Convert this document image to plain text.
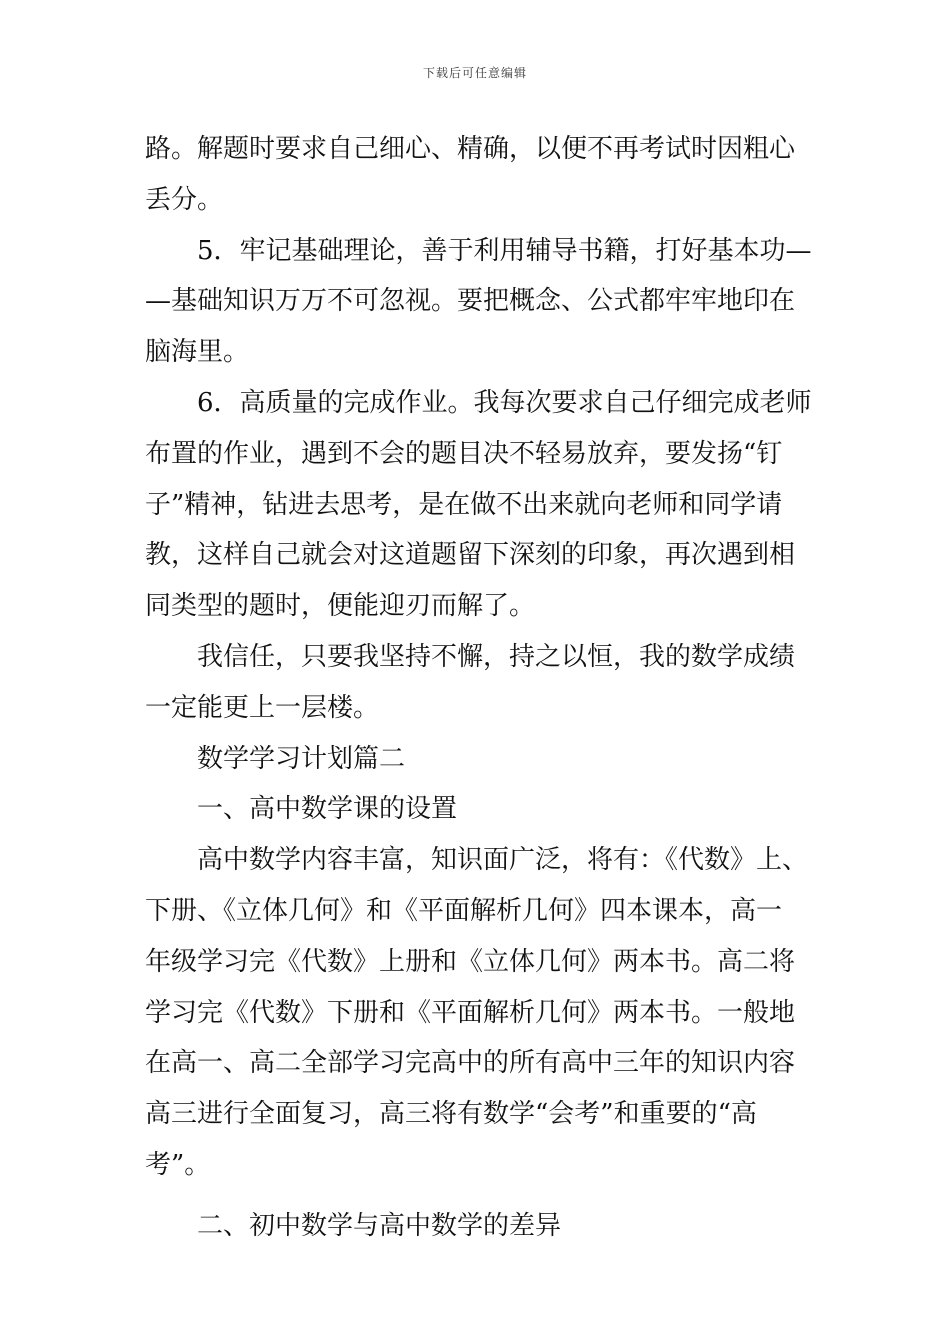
下载后可任意编辑

路。解题时要求自己细心、精确，以便不再考试时因粗心

丢分。

　　5．牢记基础理论，善于利用辅导书籍，打好基本功—

—基础知识万万不可忽视。要把概念、公式都牢牢地印在

脑海里。

　　6．高质量的完成作业。我每次要求自己仔细完成老师

布置的作业，遇到不会的题目决不轻易放弃，要发扬“钉

子”精神，钻进去思考，是在做不出来就向老师和同学请

教，这样自己就会对这道题留下深刻的印象，再次遇到相

同类型的题时，便能迎刃而解了。

　　我信任，只要我坚持不懈，持之以恒，我的数学成绩

一定能更上一层楼。

　　数学学习计划篇二

　　一、高中数学课的设置

　　高中数学内容丰富，知识面广泛，将有：《代数》上、

下册、《立体几何》和《平面解析几何》四本课本，高一

年级学习完《代数》上册和《立体几何》两本书。高二将

学习完《代数》下册和《平面解析几何》两本书。一般地

在高一、高二全部学习完高中的所有高中三年的知识内容

高三进行全面复习，高三将有数学“会考”和重要的“高

考”。

　　二、初中数学与高中数学的差异
